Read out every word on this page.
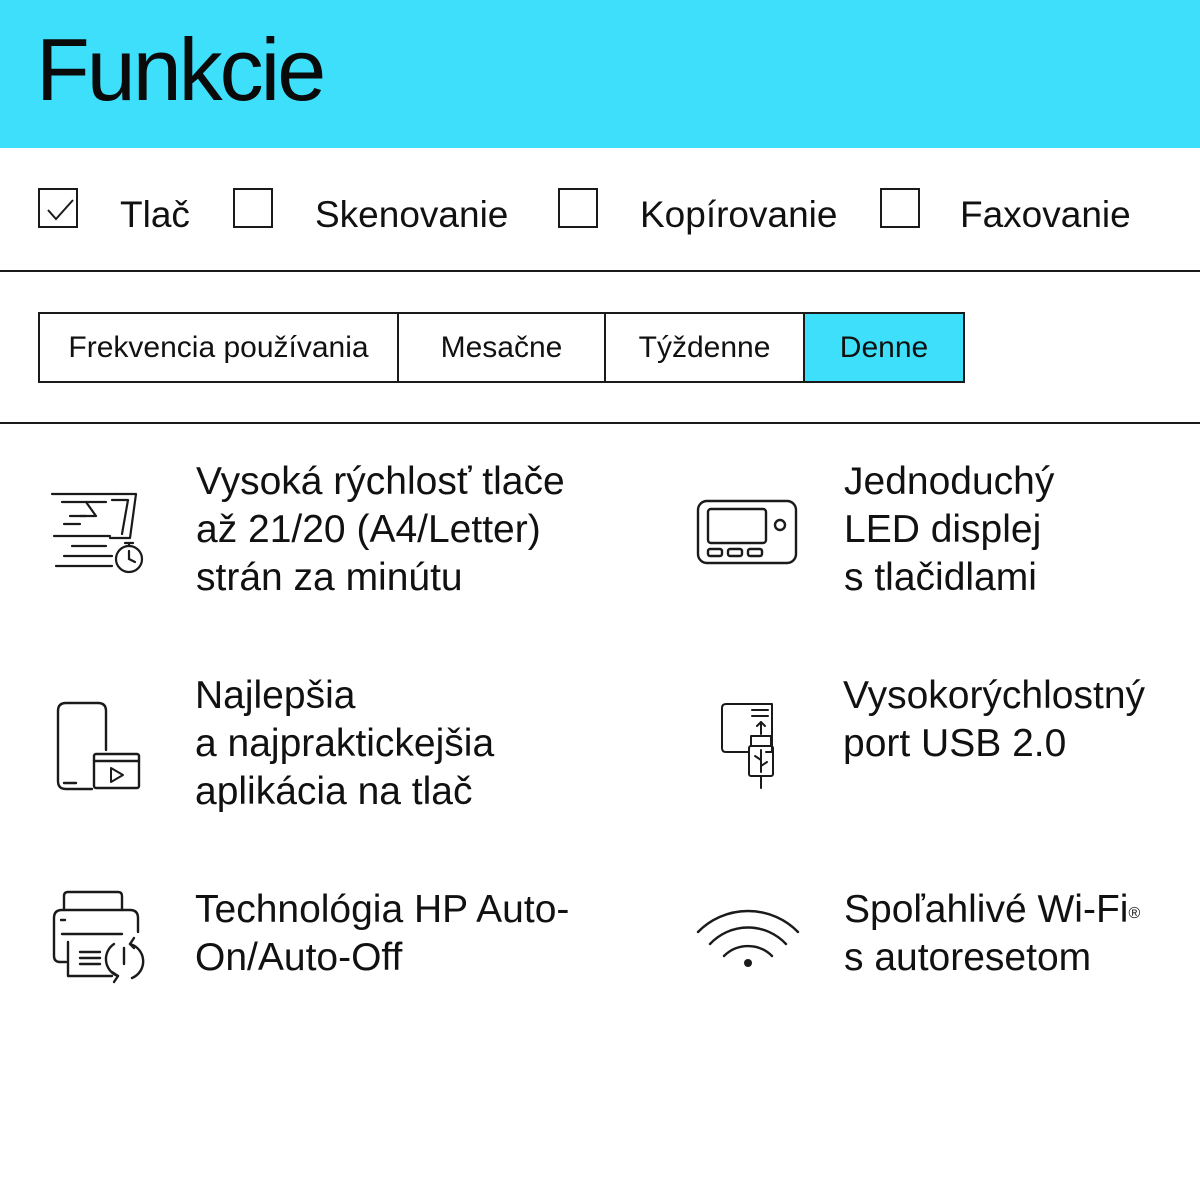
Funkcie
Tlač	Skenovanie	Kopírovanie	Faxovanie
Frekvencia používania	Mesačne	Týždenne	Denne
Vysoká rýchlosť tlače
až 21/20 (A4/Letter)
strán za minútu
Jednoduchý
LED displej
s tlačidlami
Najlepšia
a najpraktickejšia
aplikácia na tlač
Vysokorýchlostný
port USB 2.0
Technológia HP Auto-
On/Auto-Off
Spoľahlivé Wi-Fi®
s autoresetom
